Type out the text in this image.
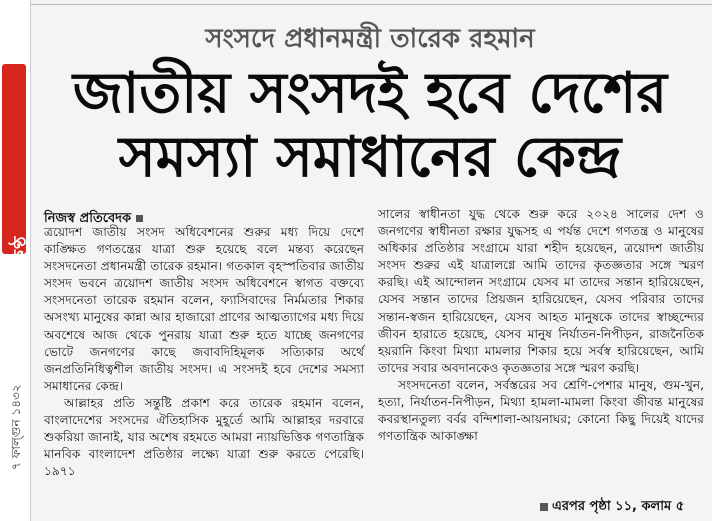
কালেরকণ্ঠ
৭ ফাল্গুন ১৪৩২
সংসদে প্রধানমন্ত্রী তারেক রহমান
জাতীয় সংসদই হবে দেশের
সমস্যা সমাধানের কেন্দ্র
নিজস্ব প্রতিবেদক

ত্রয়োদশ জাতীয় সংসদ অধিবেশনের শুরুর মধ্য দিয়ে দেশে কাঙ্ক্ষিত গণতন্ত্রের যাত্রা শুরু হয়েছে বলে মন্তব্য করেছেন সংসদনেতা প্রধানমন্ত্রী তারেক রহমান। গতকাল বৃহস্পতিবার জাতীয় সংসদ ভবনে ত্রয়োদশ জাতীয় সংসদ অধিবেশনে স্বাগত বক্তব্যে সংসদনেতা তারেক রহমান বলেন, ফ্যাসিবাদের নির্মমতার শিকার অসংখ্য মানুষের কান্না আর হাজারো প্রাণের আত্মত্যাগের মধ্য দিয়ে অবশেষে আজ থেকে পুনরায় যাত্রা শুরু হতে যাচ্ছে জনগণের ভোটে জনগণের কাছে জবাবদিহিমূলক সত্যিকার অর্থে জনপ্রতিনিধিত্বশীল জাতীয় সংসদ। এ সংসদই হবে দেশের সমস্যা সমাধানের কেন্দ্র।

আল্লাহর প্রতি সন্তুষ্টি প্রকাশ করে তারেক রহমান বলেন, বাংলাদেশের সংসদের ঐতিহাসিক মুহূর্তে আমি আল্লাহর দরবারে শুকরিয়া জানাই, যার অশেষ রহমতে আমরা ন্যায়ভিত্তিক গণতান্ত্রিক মানবিক বাংলাদেশ প্রতিষ্ঠার লক্ষ্যে যাত্রা শুরু করতে পেরেছি। ১৯৭১

সালের স্বাধীনতা যুদ্ধ থেকে শুরু করে ২০২৪ সালের দেশ ও জনগণের স্বাধীনতা রক্ষার যুদ্ধসহ এ পর্যন্ত দেশে গণতন্ত্র ও মানুষের অধিকার প্রতিষ্ঠার সংগ্রামে যারা শহীদ হয়েছেন, ত্রয়োদশ জাতীয় সংসদ শুরুর এই যাত্রালগ্নে আমি তাদের কৃতজ্ঞতার সঙ্গে স্মরণ করছি। এই আন্দোলন সংগ্রামে যেসব মা তাদের সন্তান হারিয়েছেন, যেসব সন্তান তাদের প্রিয়জন হারিয়েছেন, যেসব পরিবার তাদের সন্তান-স্বজন হারিয়েছেন, যেসব আহত মানুষকে তাদের স্বাচ্ছন্দ্যের জীবন হারাতে হয়েছে, যেসব মানুষ নির্যাতন-নিপীড়ন, রাজনৈতিক হয়রানি কিংবা মিথ্যা মামলার শিকার হয়ে সর্বস্ব হারিয়েছেন, আমি তাদের সবার অবদানকেও কৃতজ্ঞতার সঙ্গে স্মরণ করছি।

সংসদনেতা বলেন, সর্বস্তরের সব শ্রেণি-পেশার মানুষ, গুম-খুন, হত্যা, নির্যাতন-নিপীড়ন, মিথ্যা হামলা-মামলা কিংবা জীবন্ত মানুষের কবরস্থানতুল্য বর্বর বন্দিশালা-আয়নাঘর; কোনো কিছু দিয়েই যাদের গণতান্ত্রিক আকাঙ্ক্ষা

এরপর পৃষ্ঠা ১১, কলাম ৫
